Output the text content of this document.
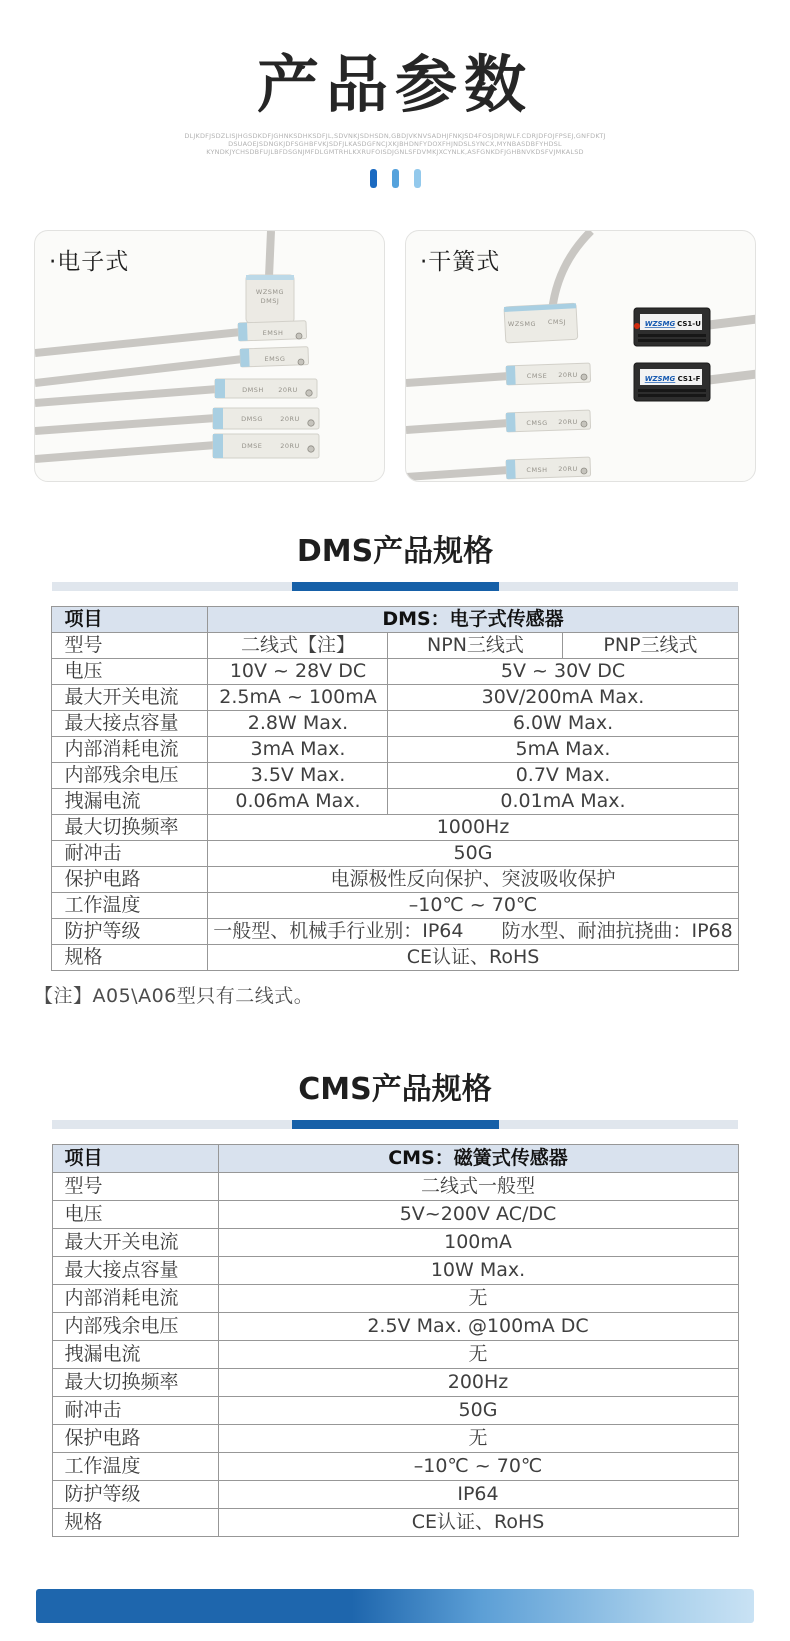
产品参数
DLJKDFJSDZLISJHGSDKDFJGHNKSDHKSDFJL,SDVNKJSDHSDN,GBDJVKNVSADHJFNKJSD4FOSJDRJWLF.CDRJDFOJFPSEJ,GNFDKTJ
DSUAOEJSDNGKJDFSGHBFVKJSDFJLKASDGFNCJXKJBHDNFYDOXFHJNDSLSYNCX,MYNBASDBFYHDSL
KYNDKJYCHSDBFUJLBFDSGNJMFDLGMTRHLKXRUFOISDJGNLSFDVMKJXCYNLK,ASFGNKDFJGHBNVKDSFVJMKALSD
·电子式
WZSMG
DMSJ
EMSH
EMSG
DMSH 20RU
DMSG	20RU
DMSE	20RU
·干簧式
WZSMG CMSJ
CMSE 20RU
CMSG 20RU
CMSH 20RU
WZSMG CS1-U
WZSMG CS1-F
DMS产品规格
项目	DMS：电子式传感器		
型号	二线式【注】	NPN三线式	PNP三线式
电压	10V ~ 28V DC	5V ~ 30V DC	
最大开关电流	2.5mA ~ 100mA	30V/200mA Max.	
最大接点容量	2.8W Max.	6.0W Max.	
内部消耗电流	3mA Max.	5mA Max.	
内部残余电压	3.5V Max.	0.7V Max.	
拽漏电流	0.06mA Max.	0.01mA Max.	
最大切换频率	1000Hz		
耐冲击	50G		
保护电路	电源极性反向保护、突波吸收保护		
工作温度	–10℃ ~ 70℃		
防护等级	一般型、机械手行业别：IP64　　防水型、耐油抗挠曲：IP68		
规格	CE认证、RoHS		
【注】A05\A06型只有二线式。
CMS产品规格
项目	CMS：磁簧式传感器
型号	二线式一般型
电压	5V~200V AC/DC
最大开关电流	100mA
最大接点容量	10W Max.
内部消耗电流	无
内部残余电压	2.5V Max. @100mA DC
拽漏电流	无
最大切换频率	200Hz
耐冲击	50G
保护电路	无
工作温度	–10℃ ~ 70℃
防护等级	IP64
规格	CE认证、RoHS
